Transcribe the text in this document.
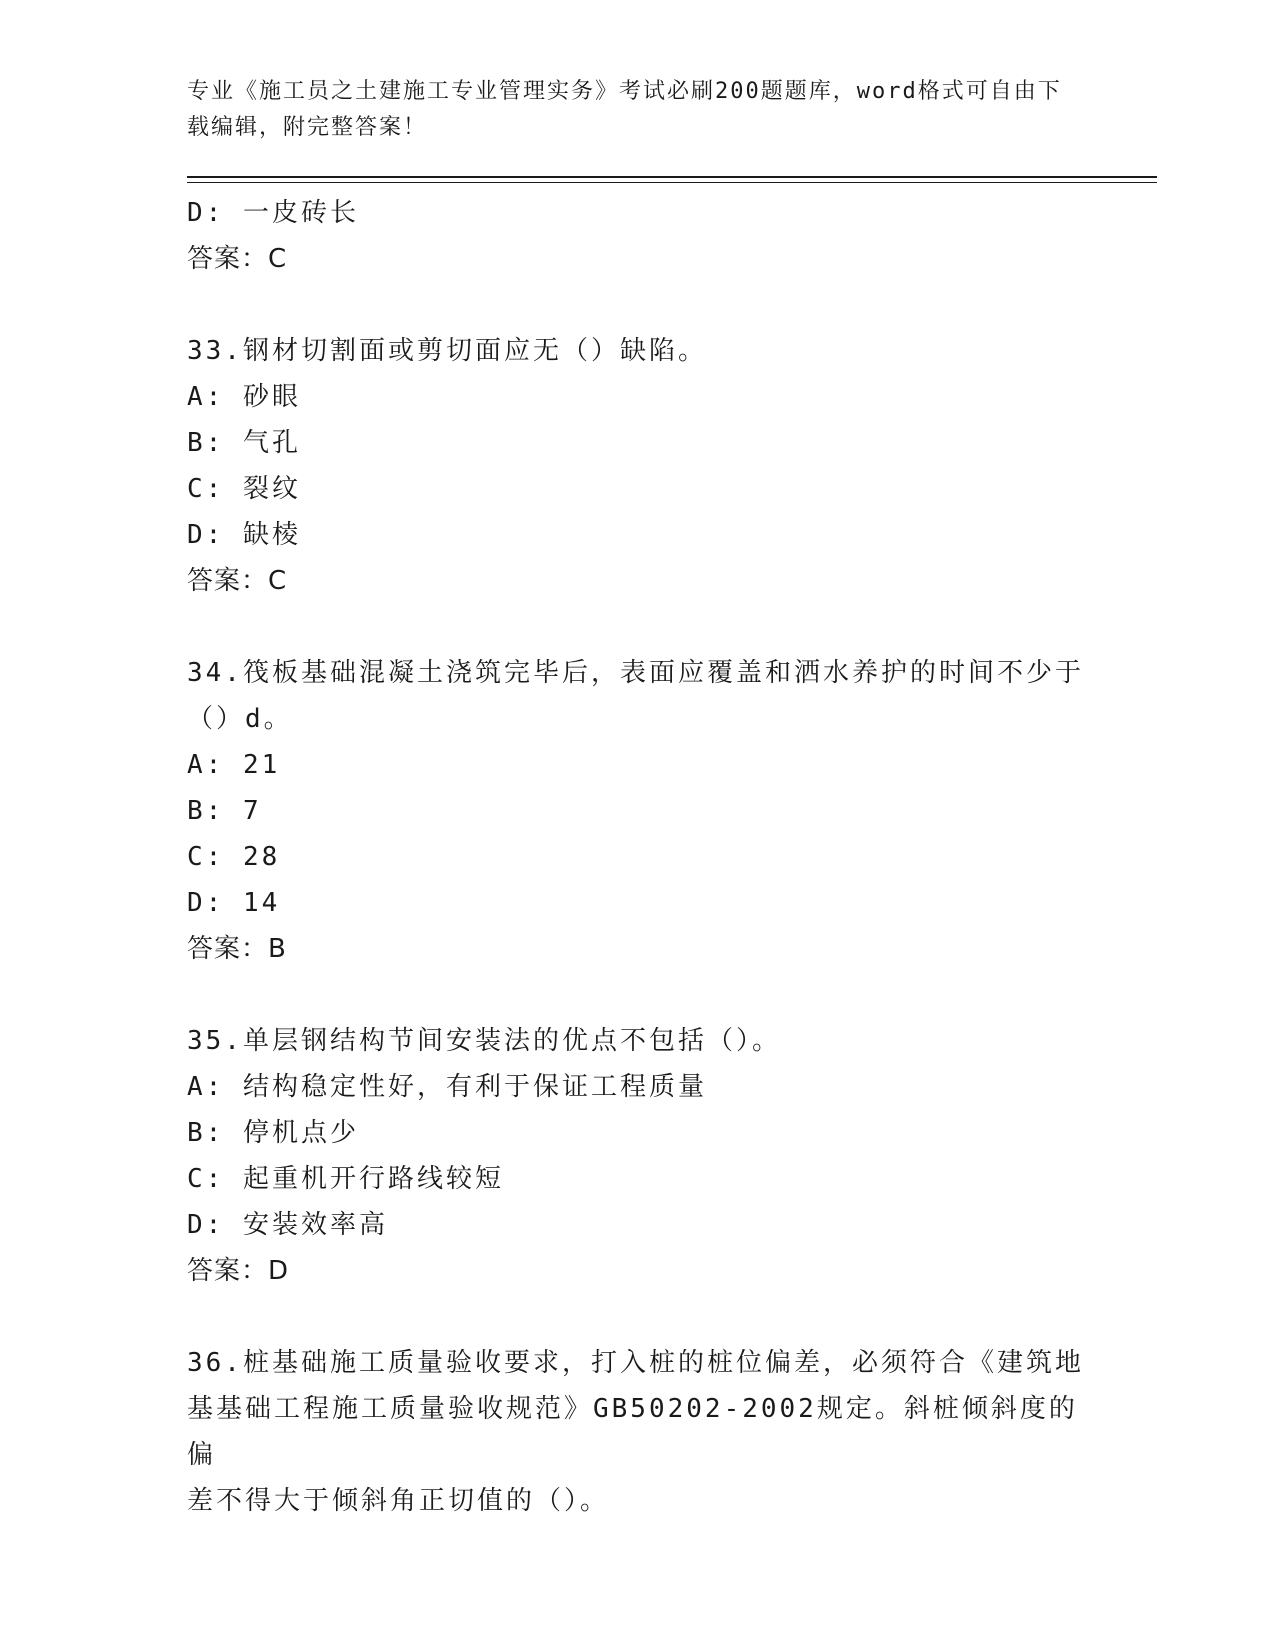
专业《施工员之土建施工专业管理实务》考试必刷200题题库，word格式可自由下载编辑，附完整答案！
D: 一皮砖长
答案：C
33.钢材切割面或剪切面应无（）缺陷。
A: 砂眼
B: 气孔
C: 裂纹
D: 缺棱
答案：C
34.筏板基础混凝土浇筑完毕后，表面应覆盖和洒水养护的时间不少于
（）d。
A: 21
B: 7
C: 28
D: 14
答案：B
35.单层钢结构节间安装法的优点不包括（）。
A: 结构稳定性好，有利于保证工程质量
B: 停机点少
C: 起重机开行路线较短
D: 安装效率高
答案：D
36.桩基础施工质量验收要求，打入桩的桩位偏差，必须符合《建筑地
基基础工程施工质量验收规范》GB50202-2002规定。斜桩倾斜度的偏
差不得大于倾斜角正切值的（）。
